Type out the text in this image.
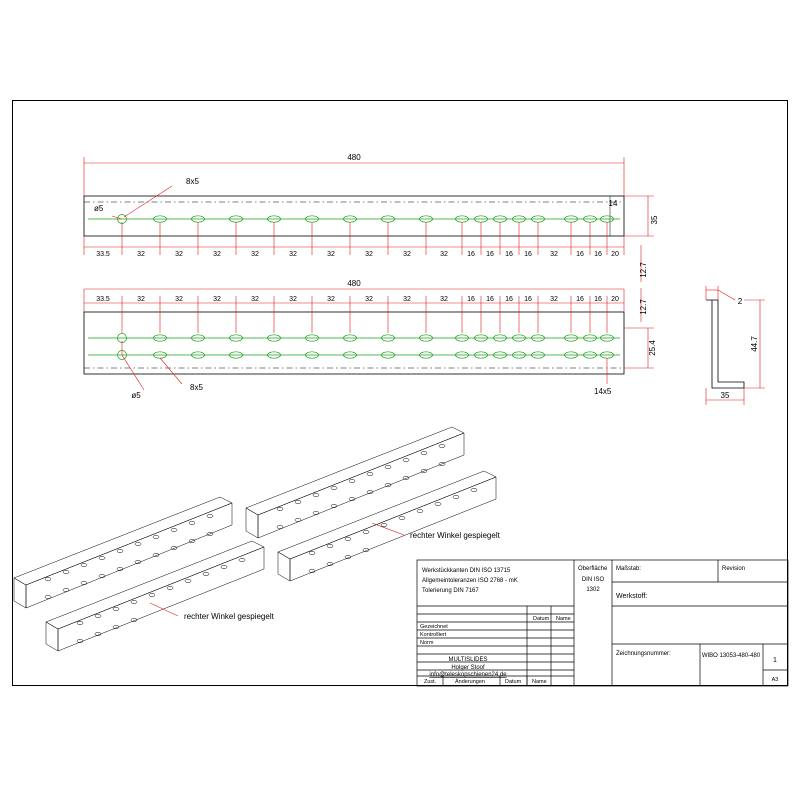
480
8x5
ø5
14
35
12.7
33.5	32	32	32	32	32	32	32	32	32	16 16 16 16	32	16 16 20
480
33.5	32	32	32	32	32	32	32	32	32	16 16 16 16	32	16 16 20	12.7
25.4
ø5
8x5	14x5
2
44.7
35
rechter Winkel gespiegelt
rechter Winkel gespiegelt
Werkstückkanten DIN ISO 13715
Allgemeintoleranzen ISO 2768 - mK
Tolerierung DIN 7167
Oberfläche
DIN ISO
1302
Maßstab:	Revision
Werkstoff:
Datum Name
Gezeichnet
Kontrolliert
Norm
MULTISLIDES
Holger Stoof
info@teleskopschienen24.de
Zeichnungsnummer:	WIBO 13053-480-480
1
A3
Zust.	Änderungen	Datum Name
